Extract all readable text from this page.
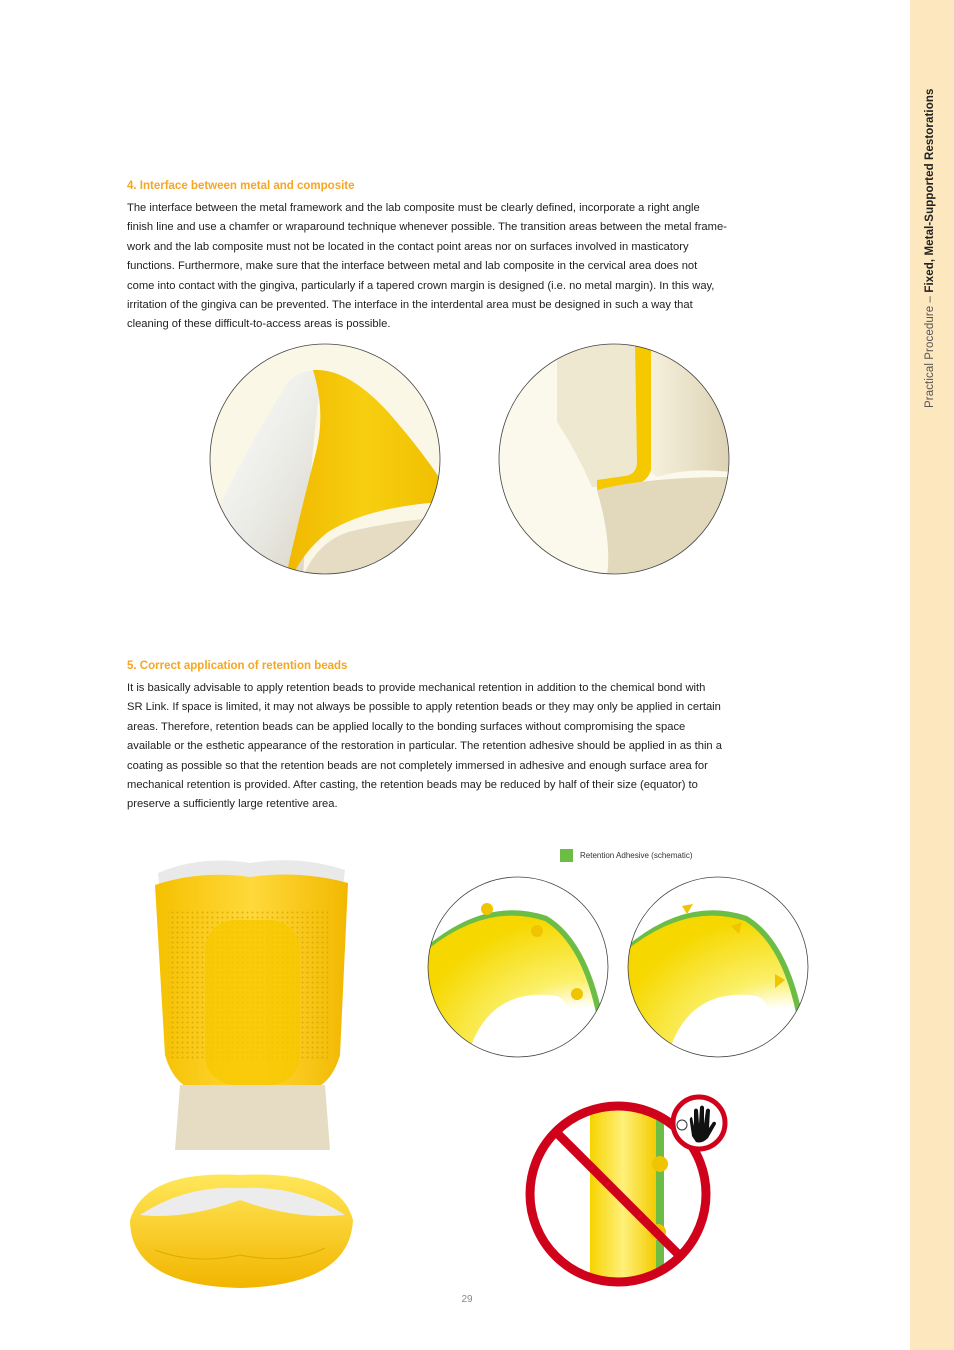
Practical Procedure – Fixed, Metal-Supported Restorations
4. Interface between metal and composite

The interface between the metal framework and the lab composite must be clearly defined, incorporate a right angle

finish line and use a chamfer or wraparound technique whenever possible. The transition areas between the metal frame-

work and the lab composite must not be located in the contact point areas nor on surfaces involved in masticatory

functions. Furthermore, make sure that the interface between metal and lab composite in the cervical area does not

come into contact with the gingiva, particularly if a tapered crown margin is designed (i.e. no metal margin). In this way,

irritation of the gingiva can be prevented. The interface in the interdental area must be designed in such a way that

cleaning of these difficult-to-access areas is possible.

5. Correct application of retention beads

It is basically advisable to apply retention beads to provide mechanical retention in addition to the chemical bond with

SR Link. If space is limited, it may not always be possible to apply retention beads or they may only be applied in certain

areas. Therefore, retention beads can be applied locally to the bonding surfaces without compromising the space

available or the esthetic appearance of the restoration in particular. The retention adhesive should be applied in as thin a

coating as possible so that the retention beads are not completely immersed in adhesive and enough surface area for

mechanical retention is provided. After casting, the retention beads may be reduced by half of their size (equator) to

preserve a sufficiently large retentive area.

Retention Adhesive (schematic)
29
